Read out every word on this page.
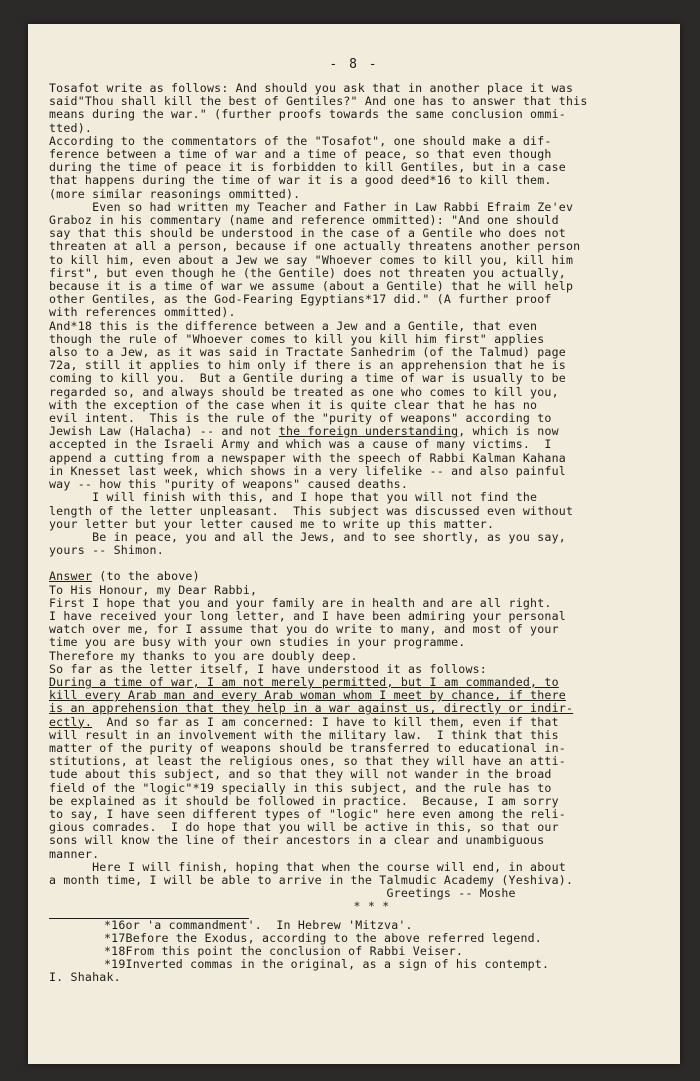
- 8 -
Tosafot write as follows: And should you ask that in another place it was
said"Thou shall kill the best of Gentiles?" And one has to answer that this
means during the war." (further proofs towards the same conclusion ommi-
tted).
According to the commentators of the "Tosafot", one should make a dif-
ference between a time of war and a time of peace, so that even though
during the time of peace it is forbidden to kill Gentiles, but in a case
that happens during the time of war it is a good deed*16 to kill them.
(more similar reasonings ommitted).
Even so had written my Teacher and Father in Law Rabbi Efraim Ze'ev
Graboz in his commentary (name and reference ommitted): "And one should
say that this should be understood in the case of a Gentile who does not
threaten at all a person, because if one actually threatens another person
to kill him, even about a Jew we say "Whoever comes to kill you, kill him
first", but even though he (the Gentile) does not threaten you actually,
because it is a time of war we assume (about a Gentile) that he will help
other Gentiles, as the God-Fearing Egyptians*17 did." (A further proof
with references ommitted).
And*18 this is the difference between a Jew and a Gentile, that even
though the rule of "Whoever comes to kill you kill him first" applies
also to a Jew, as it was said in Tractate Sanhedrim (of the Talmud) page
72a, still it applies to him only if there is an apprehension that he is
coming to kill you.  But a Gentile during a time of war is usually to be
regarded so, and always should be treated as one who comes to kill you,
with the exception of the case when it is quite clear that he has no
evil intent.  This is the rule of the "purity of weapons" according to
Jewish Law (Halacha) -- and not the foreign understanding, which is now
accepted in the Israeli Army and which was a cause of many victims.  I
append a cutting from a newspaper with the speech of Rabbi Kalman Kahana
in Knesset last week, which shows in a very lifelike -- and also painful
way -- how this "purity of weapons" caused deaths.
I will finish with this, and I hope that you will not find the
length of the letter unpleasant.  This subject was discussed even without
your letter but your letter caused me to write up this matter.
Be in peace, you and all the Jews, and to see shortly, as you say,
yours -- Shimon.
Answer (to the above)
To His Honour, my Dear Rabbi,
First I hope that you and your family are in health and are all right.
I have received your long letter, and I have been admiring your personal
watch over me, for I assume that you do write to many, and most of your
time you are busy with your own studies in your programme.
Therefore my thanks to you are doubly deep.
So far as the letter itself, I have understood it as follows:
During a time of war, I am not merely permitted, but I am commanded, to
kill every Arab man and every Arab woman whom I meet by chance, if there
is an apprehension that they help in a war against us, directly or indir-
ectly.  And so far as I am concerned: I have to kill them, even if that
will result in an involvement with the military law.  I think that this
matter of the purity of weapons should be transferred to educational in-
stitutions, at least the religious ones, so that they will have an atti-
tude about this subject, and so that they will not wander in the broad
field of the "logic"*19 specially in this subject, and the rule has to
be explained as it should be followed in practice.  Because, I am sorry
to say, I have seen different types of "logic" here even among the reli-
gious comrades.  I do hope that you will be active in this, so that our
sons will know the line of their ancestors in a clear and unambiguous
manner.
Here I will finish, hoping that when the course will end, in about
a month time, I will be able to arrive in the Talmudic Academy (Yeshiva).
Greetings -- Moshe
* * *
*16or 'a commandment'.  In Hebrew 'Mitzva'.
*17Before the Exodus, according to the above referred legend.
*18From this point the conclusion of Rabbi Veiser.
*19Inverted commas in the original, as a sign of his contempt.
I. Shahak.
